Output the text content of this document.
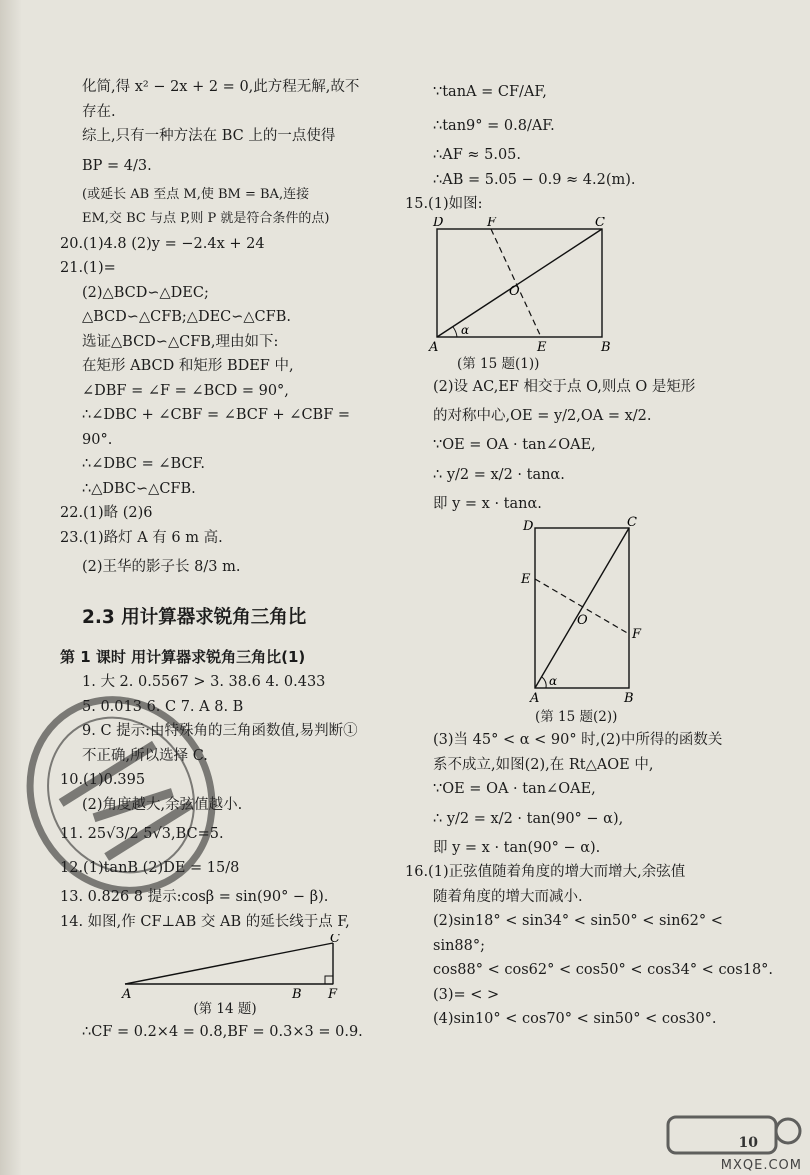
化简,得 x² − 2x + 2 = 0,此方程无解,故不
存在.
综上,只有一种方法在 BC 上的一点使得
BP = 4/3.
(或延长 AB 至点 M,使 BM = BA,连接
EM,交 BC 与点 P,则 P 就是符合条件的点)
20.(1)4.8 (2)y = −2.4x + 24
21.(1)=
(2)△BCD∽△DEC;
△BCD∽△CFB;△DEC∽△CFB.
选证△BCD∽△CFB,理由如下:
在矩形 ABCD 和矩形 BDEF 中,
∠DBF = ∠F = ∠BCD = 90°,
∴∠DBC + ∠CBF = ∠BCF + ∠CBF =
90°.
∴∠DBC = ∠BCF.
∴△DBC∽△CFB.
22.(1)略 (2)6
23.(1)路灯 A 有 6 m 高.
(2)王华的影子长 8/3 m.
2.3 用计算器求锐角三角比
第 1 课时 用计算器求锐角三角比(1)
1. 大 2. 0.5567 > 3. 38.6 4. 0.433
5. 0.013 6. C 7. A 8. B
9. C 提示:由特殊角的三角函数值,易判断①
不正确,所以选择 C.
10.(1)0.395
(2)角度越大,余弦值越小.
11. 25√3/2 5√3,BC=5.
12.(1)tanB (2)DE = 15/8
13. 0.826 8 提示:cosβ = sin(90° − β).
14. 如图,作 CF⊥AB 交 AB 的延长线于点 F,
A	B F
C
(第 14 题)
∴CF = 0.2×4 = 0.8,BF = 0.3×3 = 0.9.
∵tanA = CF/AF,
∴tan9° = 0.8/AF.
∴AF ≈ 5.05.
∴AB = 5.05 − 0.9 ≈ 4.2(m).
15.(1)如图:
D	F	C
O
A
α
E	B
(第 15 题(1))
(2)设 AC,EF 相交于点 O,则点 O 是矩形
的对称中心,OE = y/2,OA = x/2.
∵OE = OA · tan∠OAE,
∴ y/2 = x/2 · tanα.
即 y = x · tanα.
D	C
E
O
F
A
α
B
(第 15 题(2))
(3)当 45° < α < 90° 时,(2)中所得的函数关
系不成立,如图(2),在 Rt△AOE 中,
∵OE = OA · tan∠OAE,
∴ y/2 = x/2 · tan(90° − α),
即 y = x · tan(90° − α).
16.(1)正弦值随着角度的增大而增大,余弦值
随着角度的增大而减小.
(2)sin18° < sin34° < sin50° < sin62° <
sin88°;
cos88° < cos62° < cos50° < cos34° < cos18°.
(3)= < >
(4)sin10° < cos70° < sin50° < cos30°.
10
MXQE.COM
